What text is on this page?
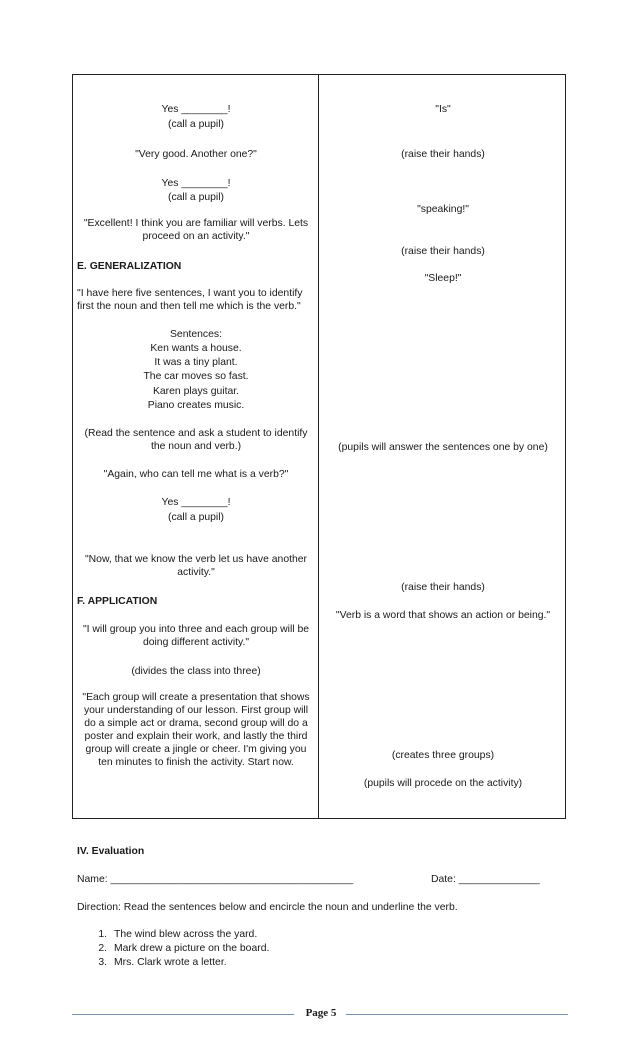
Yes ________!
(call a pupil)
"Very good. Another one?"
Yes ________!
(call a pupil)
"Excellent! I think you are familiar will verbs. Lets proceed on an activity."
E. GENERALIZATION
"I have here five sentences, I want you to identify first the noun and then tell me which is the verb."
Sentences:
Ken wants a house.
It was a tiny plant.
The car moves so fast.
Karen plays guitar.
Piano creates music.
(Read the sentence and ask a student to identify the noun and verb.)
"Again, who can tell me what is a verb?"
Yes ________!
(call a pupil)
"Now, that we know the verb let us have another activity."
F. APPLICATION
"I will group you into three and each group will be doing different activity."
(divides the class into three)
"Each group will create a presentation that shows your understanding of our lesson. First group will do a simple act or drama, second group will do a poster and explain their work, and lastly the third group will create a jingle or cheer. I'm giving you ten minutes to finish the activity. Start now.
"Is"
(raise their hands)
"speaking!"
(raise their hands)
"Sleep!"
(pupils will answer the sentences one by one)
(raise their hands)
"Verb is a word that shows an action or being."
(creates three groups)
(pupils will procede on the activity)
IV. Evaluation
Name: __________________________________________	Date: ______________
Direction: Read the sentences below and encircle the noun and underline the verb.
1. The wind blew across the yard.
2. Mark drew a picture on the board.
3. Mrs. Clark wrote a letter.
Page 5
